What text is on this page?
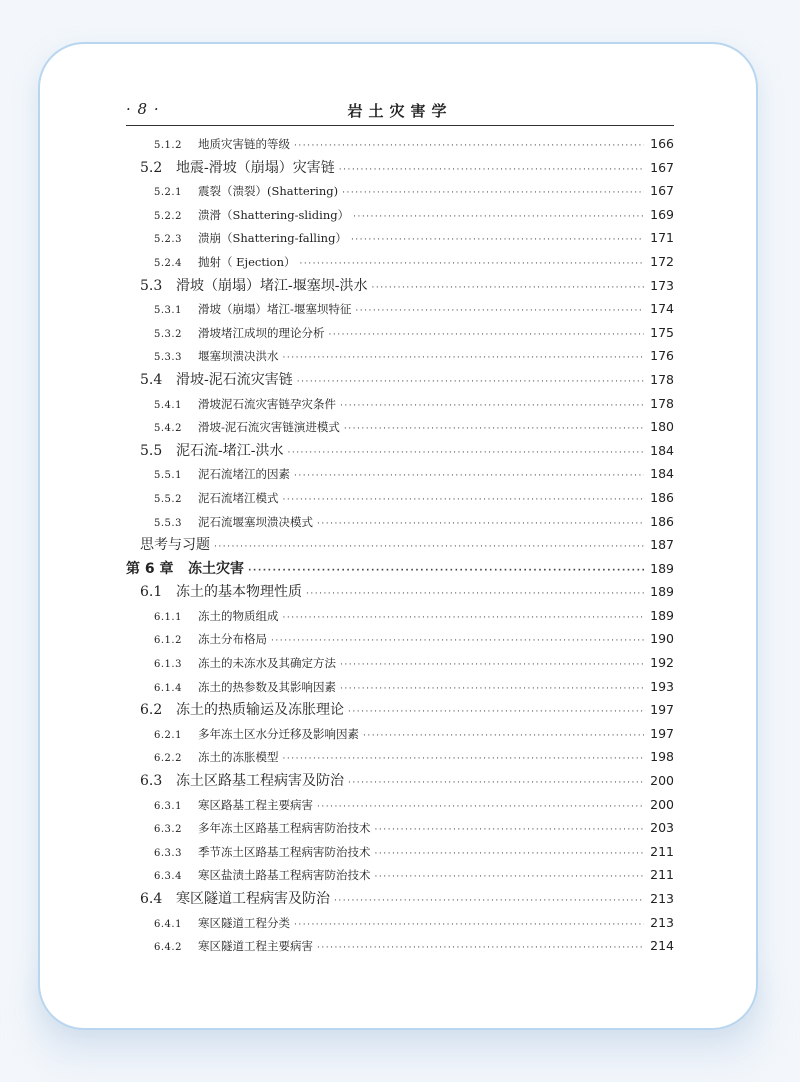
· 8 ·	岩土灾害学
5.1.2	地质灾害链的等级 ·····	166
5.2 地震-滑坡（崩塌）灾害链 ·····	167
5.2.1	震裂（溃裂）(Shattering) ·····	167
5.2.2	溃滑（Shattering-sliding） ·····	169
5.2.3	溃崩（Shattering-falling） ·····	171
5.2.4	抛射（ Ejection） ·····	172
5.3 滑坡（崩塌）堵江-堰塞坝-洪水 ·····	173
5.3.1	滑坡（崩塌）堵江-堰塞坝特征 ·····	174
5.3.2	滑坡堵江成坝的理论分析 ·····	175
5.3.3	堰塞坝溃决洪水 ·····	176
5.4 滑坡-泥石流灾害链 ·····	178
5.4.1	滑坡泥石流灾害链孕灾条件 ·····	178
5.4.2	滑坡-泥石流灾害链演进模式 ·····	180
5.5 泥石流-堵江-洪水 ·····	184
5.5.1	泥石流堵江的因素 ·····	184
5.5.2	泥石流堵江模式 ·····	186
5.5.3	泥石流堰塞坝溃决模式 ·····	186
思考与习题 ·····	187
第 6 章	冻土灾害 ·····	189
6.1 冻土的基本物理性质 ·····	189
6.1.1	冻土的物质组成 ·····	189
6.1.2	冻土分布格局 ·····	190
6.1.3	冻土的未冻水及其确定方法 ·····	192
6.1.4	冻土的热参数及其影响因素 ·····	193
6.2 冻土的热质输运及冻胀理论 ·····	197
6.2.1	多年冻土区水分迁移及影响因素 ·····	197
6.2.2	冻土的冻胀模型 ·····	198
6.3 冻土区路基工程病害及防治 ·····	200
6.3.1	寒区路基工程主要病害 ·····	200
6.3.2	多年冻土区路基工程病害防治技术 ·····	203
6.3.3	季节冻土区路基工程病害防治技术 ·····	211
6.3.4	寒区盐渍土路基工程病害防治技术 ·····	211
6.4 寒区隧道工程病害及防治 ·····	213
6.4.1	寒区隧道工程分类 ·····	213
6.4.2	寒区隧道工程主要病害 ·····	214
